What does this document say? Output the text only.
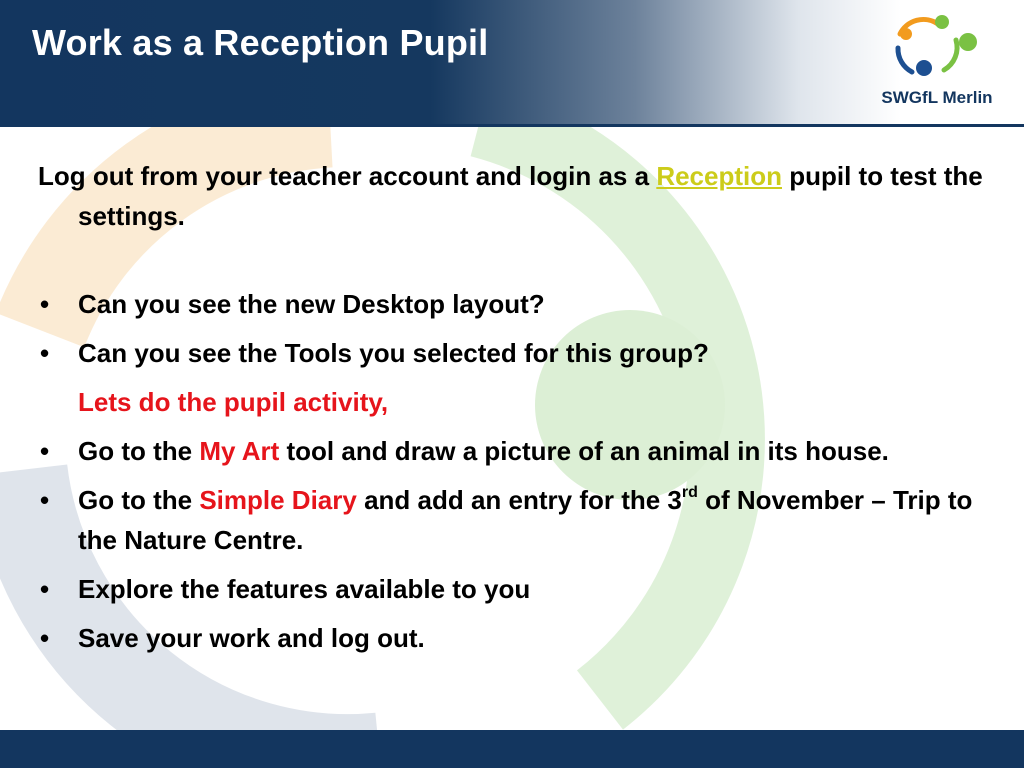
Work as a Reception Pupil
SWGfL Merlin

Log out from your teacher account and login as a Reception pupil to test the settings.

• Can you see the new Desktop layout?
• Can you see the Tools you selected for this group?
Lets do the pupil activity,
• Go to the My Art tool and draw a picture of an animal in its house.
• Go to the Simple Diary and add an entry for the 3rd of November – Trip to the Nature Centre.
• Explore the features available to you
• Save your work and log out.
